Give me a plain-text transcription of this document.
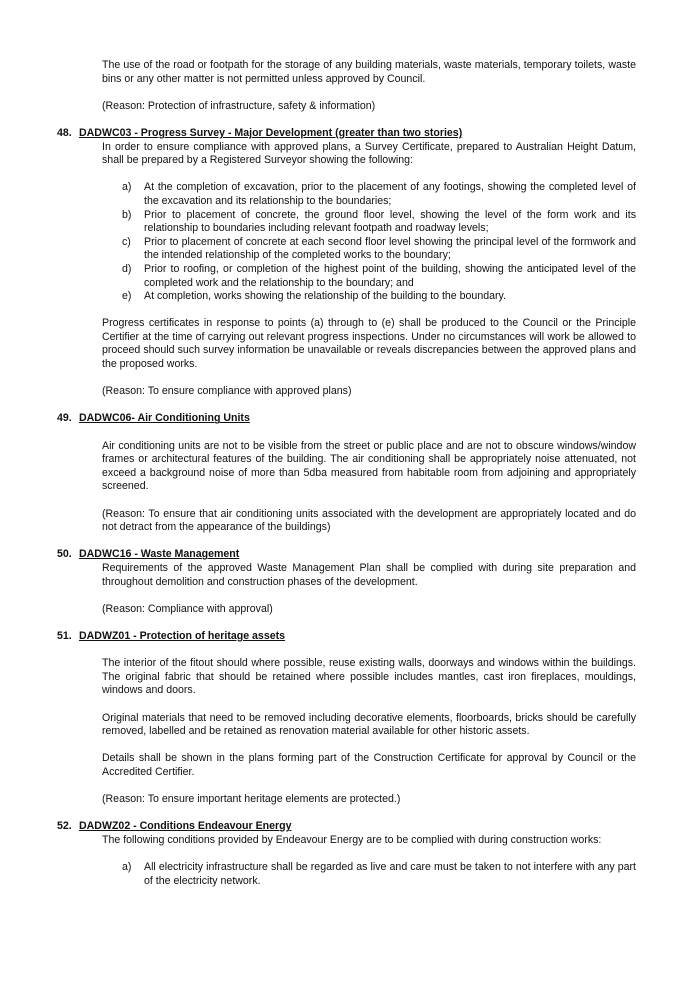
The use of the road or footpath for the storage of any building materials, waste materials, temporary toilets, waste bins or any other matter is not permitted unless approved by Council.

(Reason: Protection of infrastructure, safety & information)

48. DADWC03 - Progress Survey - Major Development (greater than two stories)

In order to ensure compliance with approved plans, a Survey Certificate, prepared to Australian Height Datum, shall be prepared by a Registered Surveyor showing the following:

a)	At the completion of excavation, prior to the placement of any footings, showing the completed level of the excavation and its relationship to the boundaries;
b)	Prior to placement of concrete, the ground floor level, showing the level of the form work and its relationship to boundaries including relevant footpath and roadway levels;
c)	Prior to placement of concrete at each second floor level showing the principal level of the formwork and the intended relationship of the completed works to the boundary;
d)	Prior to roofing, or completion of the highest point of the building, showing the anticipated level of the completed work and the relationship to the boundary; and
e)	At completion, works showing the relationship of the building to the boundary.

Progress certificates in response to points (a) through to (e) shall be produced to the Council or the Principle Certifier at the time of carrying out relevant progress inspections. Under no circumstances will work be allowed to proceed should such survey information be unavailable or reveals discrepancies between the approved plans and the proposed works.

(Reason: To ensure compliance with approved plans)

49. DADWC06- Air Conditioning Units

Air conditioning units are not to be visible from the street or public place and are not to obscure windows/window frames or architectural features of the building. The air conditioning shall be appropriately noise attenuated, not exceed a background noise of more than 5dba measured from habitable room from adjoining and appropriately screened.

(Reason: To ensure that air conditioning units associated with the development are appropriately located and do not detract from the appearance of the buildings)

50. DADWC16 - Waste Management

Requirements of the approved Waste Management Plan shall be complied with during site preparation and throughout demolition and construction phases of the development.

(Reason: Compliance with approval)

51. DADWZ01 - Protection of heritage assets

The interior of the fitout should where possible, reuse existing walls, doorways and windows within the buildings. The original fabric that should be retained where possible includes mantles, cast iron fireplaces, mouldings, windows and doors.

Original materials that need to be removed including decorative elements, floorboards, bricks should be carefully removed, labelled and be retained as renovation material available for other historic assets.

Details shall be shown in the plans forming part of the Construction Certificate for approval by Council or the Accredited Certifier.

(Reason: To ensure important heritage elements are protected.)

52. DADWZ02 - Conditions Endeavour Energy

The following conditions provided by Endeavour Energy are to be complied with during construction works:

a)	All electricity infrastructure shall be regarded as live and care must be taken to not interfere with any part of the electricity network.
